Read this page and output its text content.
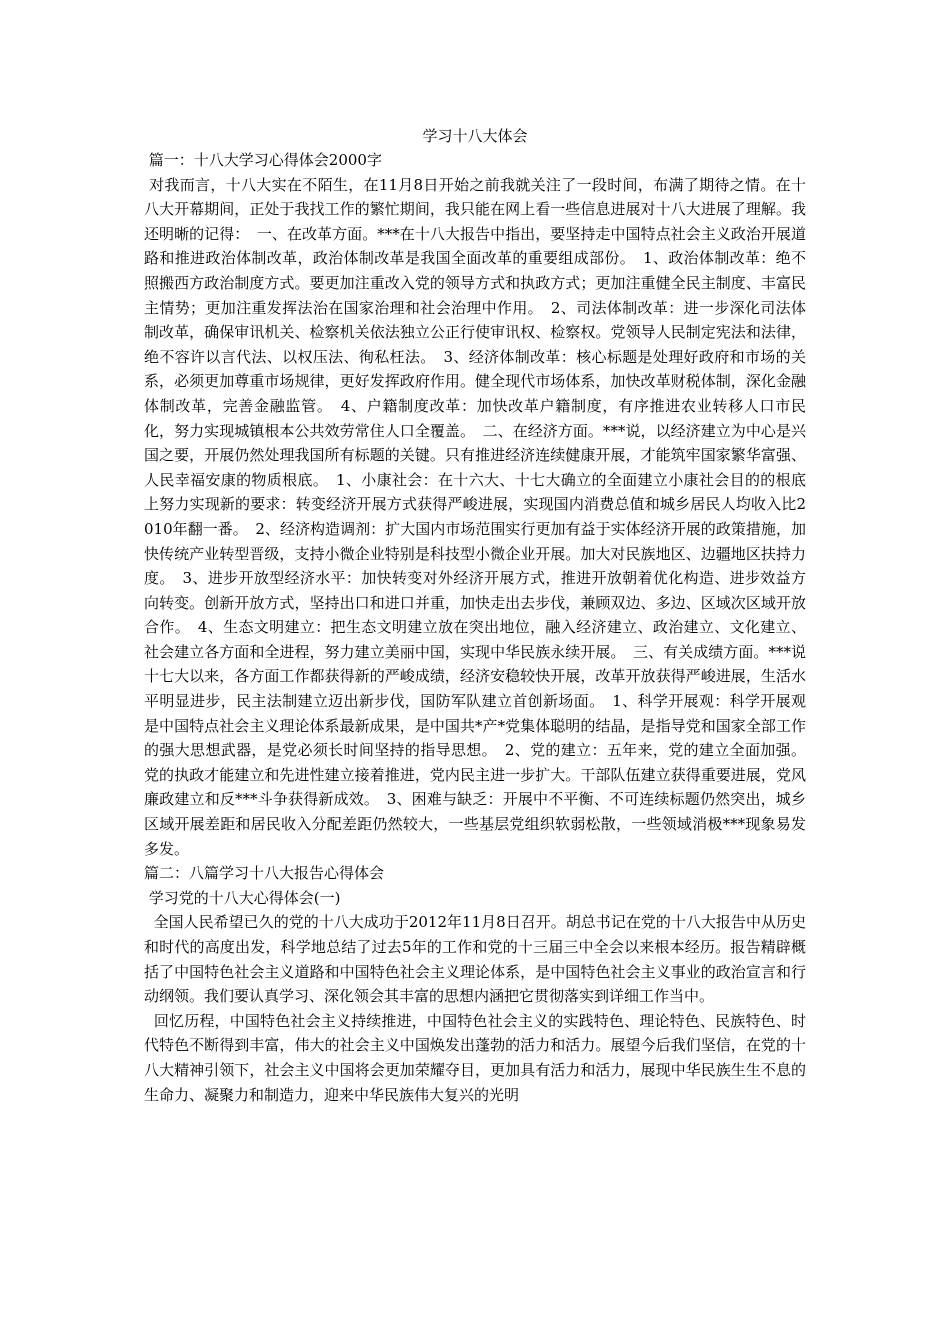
学习十八大体会

篇一：十八大学习心得体会2000字

对我而言，十八大实在不陌生，在11月8日开始之前我就关注了一段时间，布满了期待之情。在十八大开幕期间，正处于我找工作的繁忙期间，我只能在网上看一些信息进展对十八大进展了理解。我还明晰的记得：　一、在改革方面。***在十八大报告中指出，要坚持走中国特点社会主义政治开展道路和推进政治体制改革，政治体制改革是我国全面改革的重要组成部份。　1、政治体制改革：绝不照搬西方政治制度方式。要更加注重改入党的领导方式和执政方式；更加注重健全民主制度、丰富民主情势；更加注重发挥法治在国家治理和社会治理中作用。　2、司法体制改革：进一步深化司法体制改革，确保审讯机关、检察机关依法独立公正行使审讯权、检察权。党领导人民制定宪法和法律，绝不容许以言代法、以权压法、徇私枉法。　3、经济体制改革：核心标题是处理好政府和市场的关系，必须更加尊重市场规律，更好发挥政府作用。健全现代市场体系，加快改革财税体制，深化金融体制改革，完善金融监管。　4、户籍制度改革：加快改革户籍制度，有序推进农业转移人口市民化，努力实现城镇根本公共效劳常住人口全覆盖。　二、在经济方面。***说，以经济建立为中心是兴国之要，开展仍然处理我国所有标题的关键。只有推进经济连续健康开展，才能筑牢国家繁华富强、人民幸福安康的物质根底。　1、小康社会：在十六大、十七大确立的全面建立小康社会目的的根底上努力实现新的要求：转变经济开展方式获得严峻进展，实现国内消费总值和城乡居民人均收入比2010年翻一番。　2、经济构造调剂：扩大国内市场范围实行更加有益于实体经济开展的政策措施，加快传统产业转型晋级，支持小微企业特别是科技型小微企业开展。加大对民族地区、边疆地区扶持力度。　3、进步开放型经济水平：加快转变对外经济开展方式，推进开放朝着优化构造、进步效益方向转变。创新开放方式，坚持出口和进口并重，加快走出去步伐，兼顾双边、多边、区域次区域开放合作。　4、生态文明建立：把生态文明建立放在突出地位，融入经济建立、政治建立、文化建立、社会建立各方面和全进程，努力建立美丽中国，实现中华民族永续开展。　三、有关成绩方面。***说十七大以来，各方面工作都获得新的严峻成绩，经济安稳较快开展，改革开放获得严峻进展，生活水平明显进步，民主法制建立迈出新步伐，国防军队建立首创新场面。　1、科学开展观：科学开展观是中国特点社会主义理论体系最新成果，是中国共*产*党集体聪明的结晶，是指导党和国家全部工作的强大思想武器，是党必须长时间坚持的指导思想。　2、党的建立：五年来，党的建立全面加强。党的执政才能建立和先进性建立接着推进，党内民主进一步扩大。干部队伍建立获得重要进展，党风廉政建立和反***斗争获得新成效。　3、困难与缺乏：开展中不平衡、不可连续标题仍然突出，城乡区域开展差距和居民收入分配差距仍然较大，一些基层党组织软弱松散，一些领域消极***现象易发多发。

篇二：八篇学习十八大报告心得体会

学习党的十八大心得体会(一)

全国人民希望已久的党的十八大成功于2012年11月8日召开。胡总书记在党的十八大报告中从历史和时代的高度出发，科学地总结了过去5年的工作和党的十三届三中全会以来根本经历。报告精辟概括了中国特色社会主义道路和中国特色社会主义理论体系，是中国特色社会主义事业的政治宣言和行动纲领。我们要认真学习、深化领会其丰富的思想内涵把它贯彻落实到详细工作当中。

回忆历程，中国特色社会主义持续推进，中国特色社会主义的实践特色、理论特色、民族特色、时代特色不断得到丰富，伟大的社会主义中国焕发出蓬勃的活力和活力。展望今后我们坚信，在党的十八大精神引领下，社会主义中国将会更加荣耀夺目，更加具有活力和活力，展现中华民族生生不息的生命力、凝聚力和制造力，迎来中华民族伟大复兴的光明
